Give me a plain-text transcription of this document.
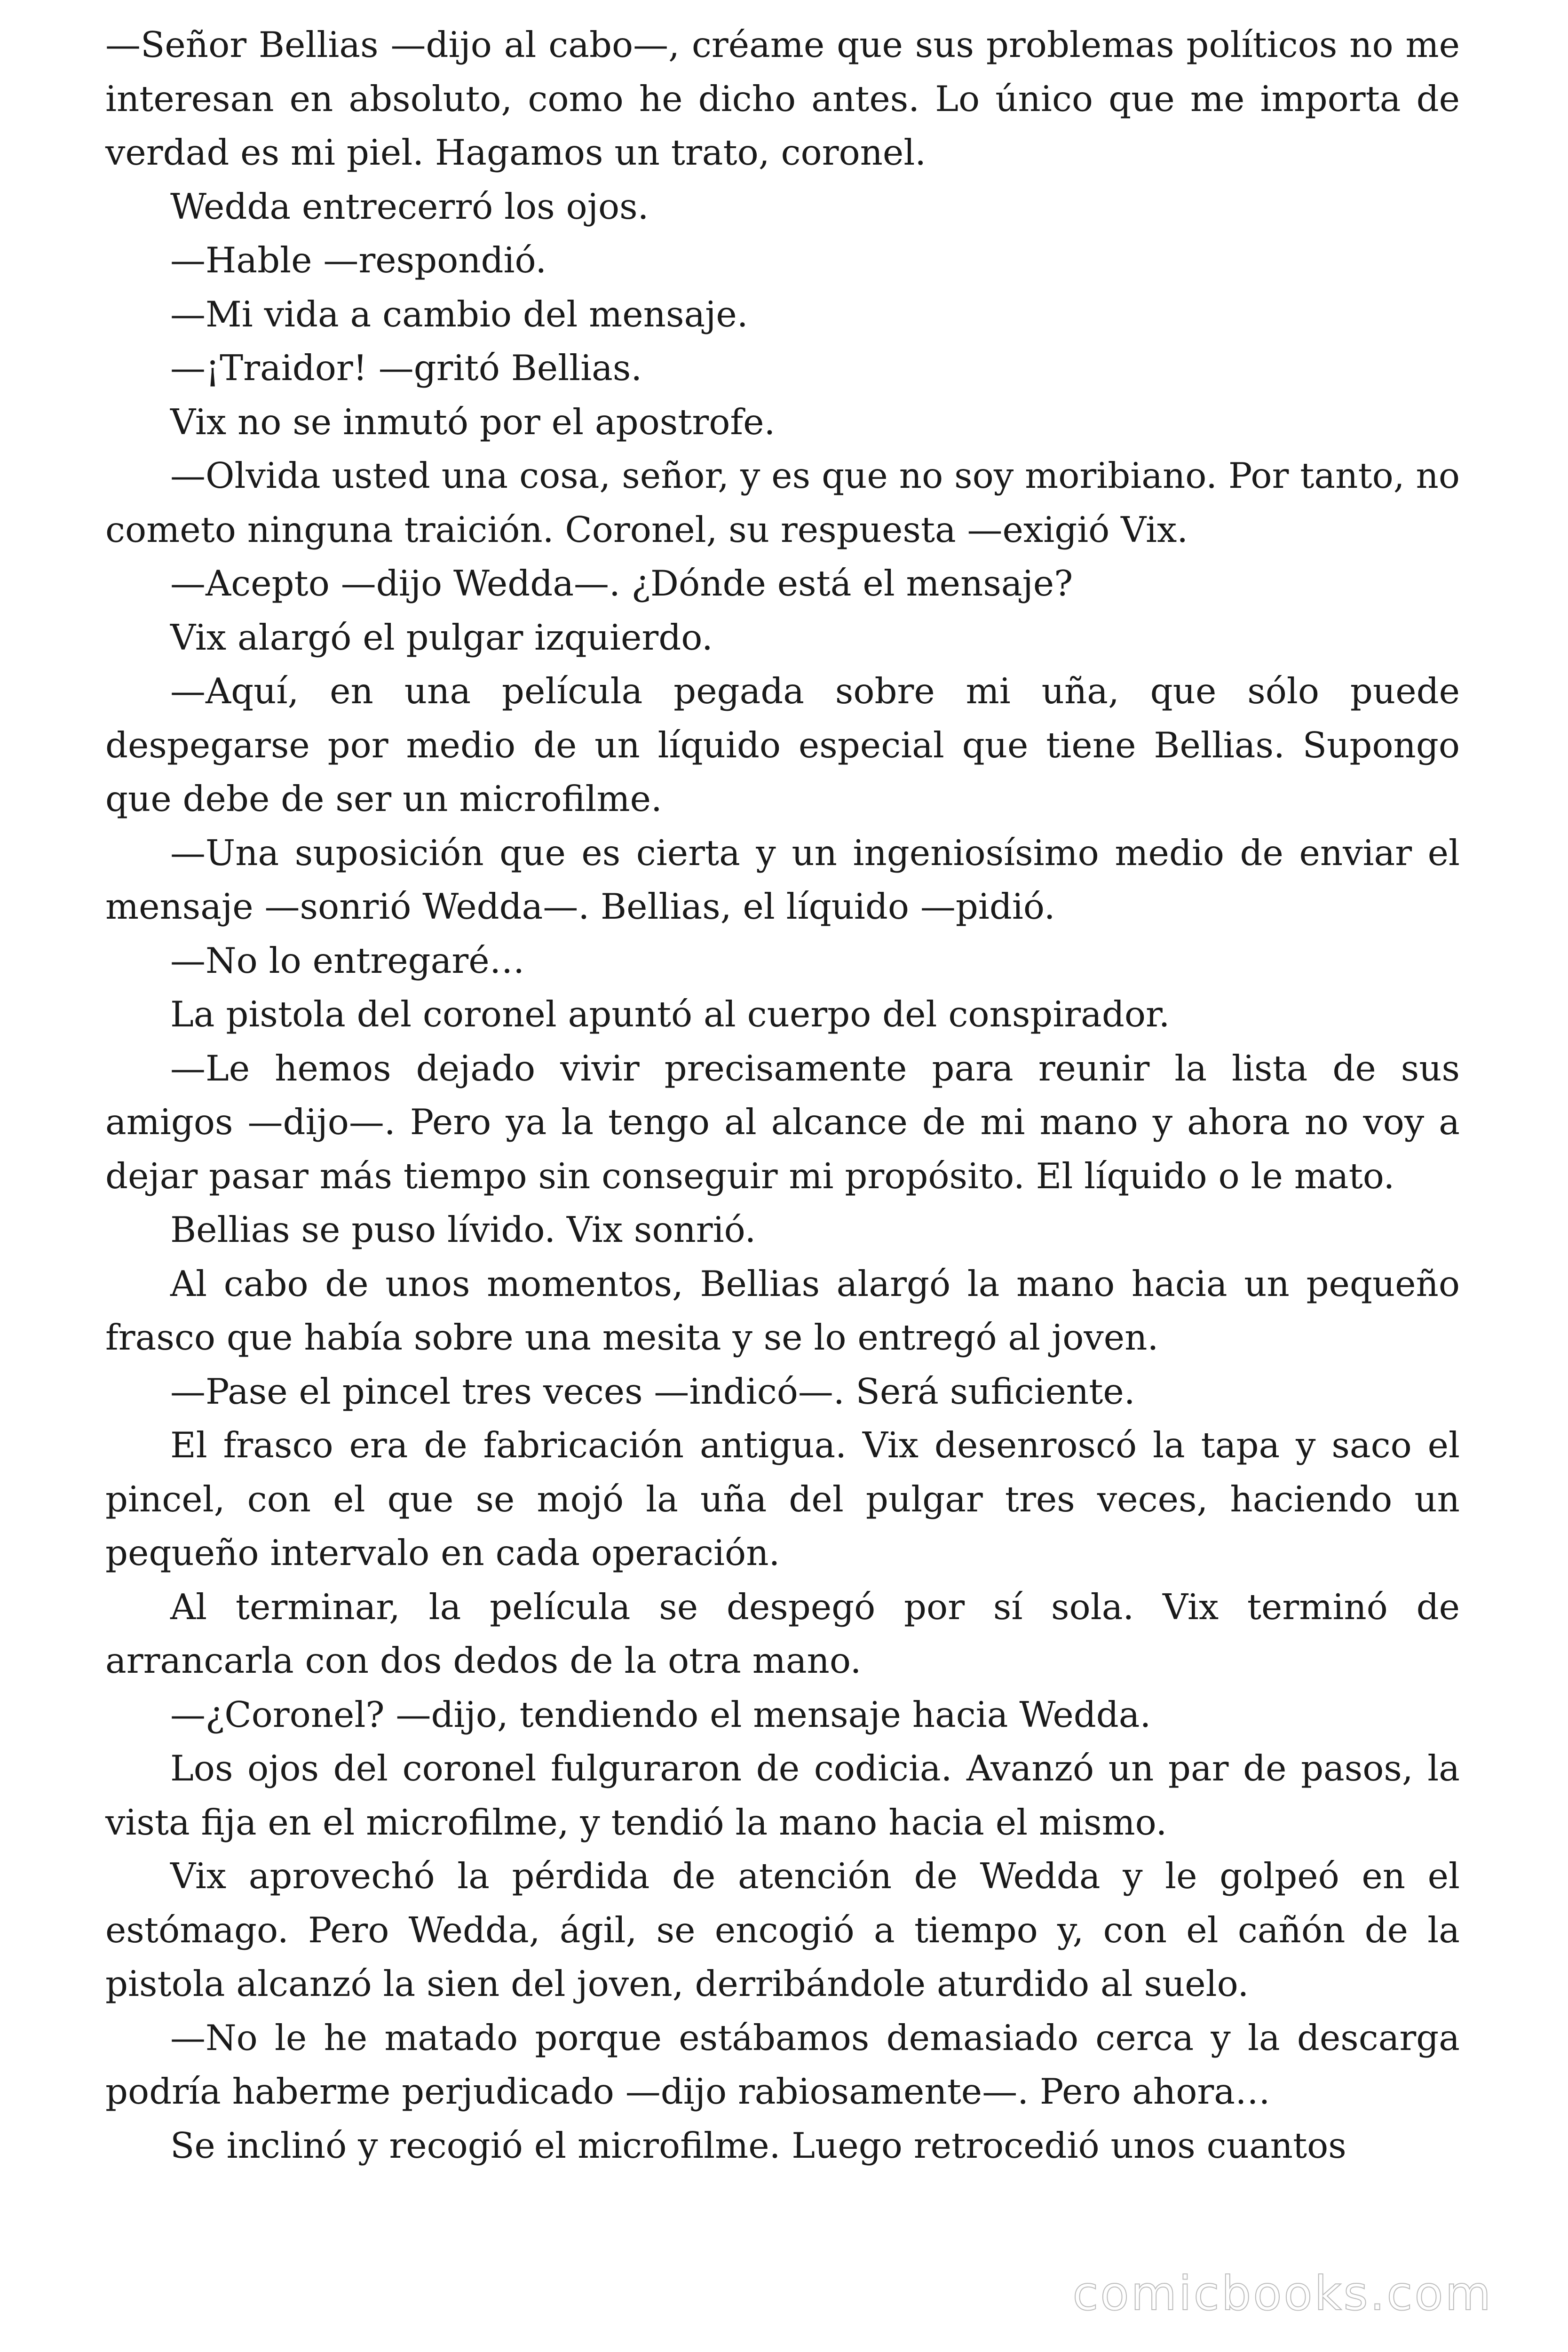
—Señor Bellias —dijo al cabo—, créame que sus problemas políticos no me interesan en absoluto, como he dicho antes. Lo único que me importa de verdad es mi piel. Hagamos un trato, coronel.

Wedda entrecerró los ojos.

—Hable —respondió.

—Mi vida a cambio del mensaje.

—¡Traidor! —gritó Bellias.

Vix no se inmutó por el apostrofe.

—Olvida usted una cosa, señor, y es que no soy moribiano. Por tanto, no cometo ninguna traición. Coronel, su respuesta —exigió Vix.

—Acepto —dijo Wedda—. ¿Dónde está el mensaje?

Vix alargó el pulgar izquierdo.

—Aquí, en una película pegada sobre mi uña, que sólo puede despegarse por medio de un líquido especial que tiene Bellias. Supongo que debe de ser un microfilme.

—Una suposición que es cierta y un ingeniosísimo medio de enviar el mensaje —sonrió Wedda—. Bellias, el líquido —pidió.

—No lo entregaré…

La pistola del coronel apuntó al cuerpo del conspirador.

—Le hemos dejado vivir precisamente para reunir la lista de sus amigos —dijo—. Pero ya la tengo al alcance de mi mano y ahora no voy a dejar pasar más tiempo sin conseguir mi propósito. El líquido o le mato.

Bellias se puso lívido. Vix sonrió.

Al cabo de unos momentos, Bellias alargó la mano hacia un pequeño frasco que había sobre una mesita y se lo entregó al joven.

—Pase el pincel tres veces —indicó—. Será suficiente.

El frasco era de fabricación antigua. Vix desenroscó la tapa y saco el pincel, con el que se mojó la uña del pulgar tres veces, haciendo un pequeño intervalo en cada operación.

Al terminar, la película se despegó por sí sola. Vix terminó de arrancarla con dos dedos de la otra mano.

—¿Coronel? —dijo, tendiendo el mensaje hacia Wedda.

Los ojos del coronel fulguraron de codicia. Avanzó un par de pasos, la vista fija en el microfilme, y tendió la mano hacia el mismo.

Vix aprovechó la pérdida de atención de Wedda y le golpeó en el estómago. Pero Wedda, ágil, se encogió a tiempo y, con el cañón de la pistola alcanzó la sien del joven, derribándole aturdido al suelo.

—No le he matado porque estábamos demasiado cerca y la descarga podría haberme perjudicado —dijo rabiosamente—. Pero ahora…

Se inclinó y recogió el microfilme. Luego retrocedió unos cuantos

comicbooks.com
